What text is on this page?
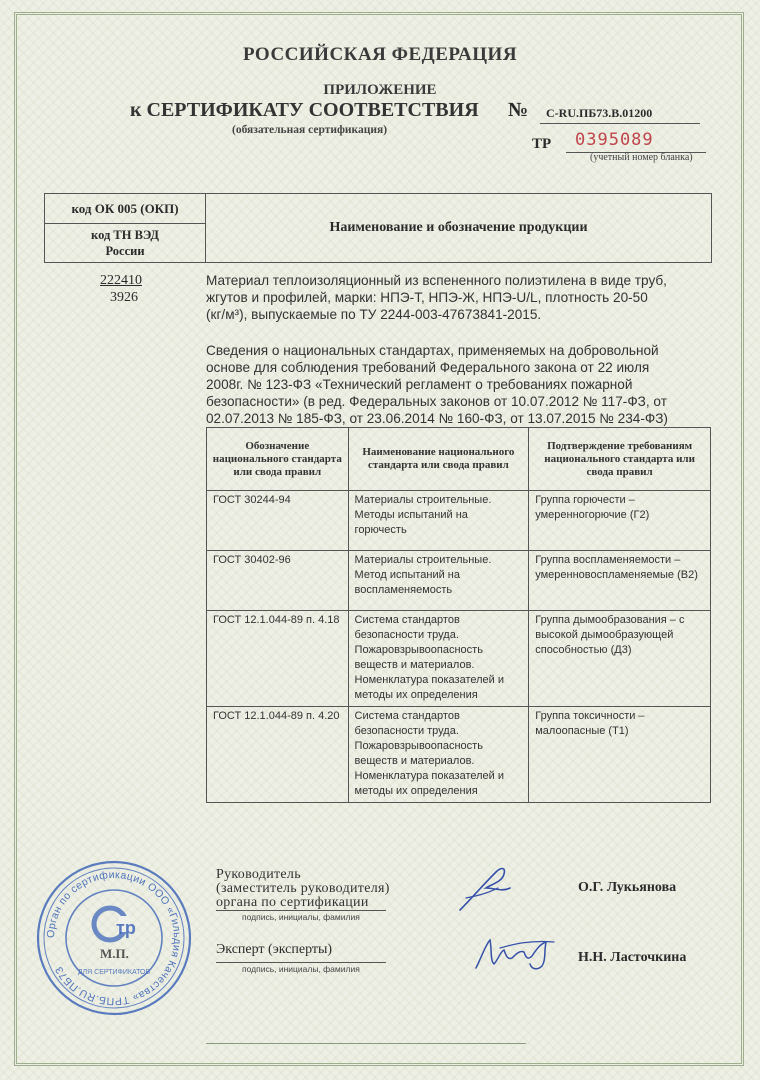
РОССИЙСКАЯ ФЕДЕРАЦИЯ
ПРИЛОЖЕНИЕ
к СЕРТИФИКАТУ СООТВЕТСТВИЯ № C-RU.ПБ73.В.01200
(обязательная сертификация)
ТР 0395089
(учетный номер бланка)
код ОК 005 (ОКП)
код ТН ВЭД
России
Наименование и обозначение продукции
222410
3926
Материал теплоизоляционный из вспененного полиэтилена в виде труб,
жгутов и профилей, марки: НПЭ-Т, НПЭ-Ж, НПЭ-U/L, плотность 20-50
(кг/м³), выпускаемые по ТУ 2244-003-47673841-2015.
Сведения о национальных стандартах, применяемых на добровольной
основе для соблюдения требований Федерального закона от 22 июля
2008г. № 123-ФЗ «Технический регламент о требованиях пожарной
безопасности» (в ред. Федеральных законов от 10.07.2012 № 117-ФЗ, от
02.07.2013 № 185-ФЗ, от 23.06.2014 № 160-ФЗ, от 13.07.2015 № 234-ФЗ)
Обозначение национального стандарта или свода правил	Наименование национального стандарта или свода правил	Подтверждение требованиям национального стандарта или свода правил
ГОСТ 30244-94	Материалы строительные. Методы испытаний на горючесть	Группа горючести – умеренногорючие (Г2)
ГОСТ 30402-96	Материалы строительные. Метод испытаний на воспламеняемость	Группа воспламеняемости – умеренновоспламеняемые (В2)
ГОСТ 12.1.044-89 п. 4.18	Система стандартов безопасности труда. Пожаровзрывоопасность веществ и материалов. Номенклатура показателей и методы их определения	Группа дымообразования – с высокой дымообразующей способностью (Д3)
ГОСТ 12.1.044-89 п. 4.20	Система стандартов безопасности труда. Пожаровзрывоопасность веществ и материалов. Номенклатура показателей и методы их определения	Группа токсичности – малоопасные (Т1)
Руководитель
(заместитель руководителя)
органа по сертификации
подпись, инициалы, фамилия
О.Г. Лукьянова
Эксперт (эксперты)
подпись, инициалы, фамилия
Н.Н. Ласточкина
Орган по сертификации ООО «Гильдия Качества» ТРПБ.RU.ПБ73
тр
М.П.
ДЛЯ СЕРТИФИКАТОВ
